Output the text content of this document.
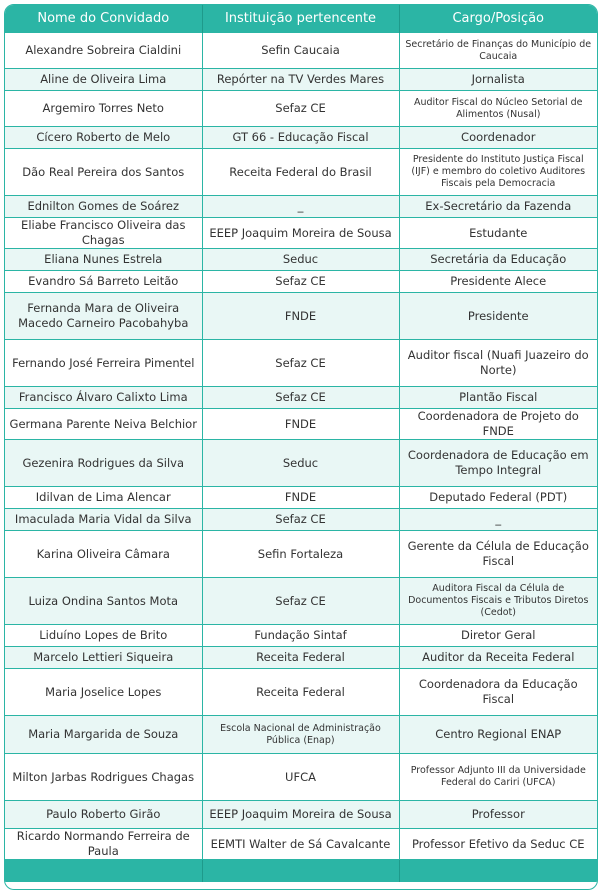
Nome do Convidado	Instituição pertencente	Cargo/Posição
Alexandre Sobreira Cialdini	Sefin Caucaia	Secretário de Finanças do Município de Caucaia
Aline de Oliveira Lima	Repórter na TV Verdes Mares	Jornalista
Argemiro Torres Neto	Sefaz CE	Auditor Fiscal do Núcleo Setorial de Alimentos (Nusal)
Cícero Roberto de Melo	GT 66 - Educação Fiscal	Coordenador
Dão Real Pereira dos Santos	Receita Federal do Brasil	Presidente do Instituto Justiça Fiscal (IJF) e membro do coletivo Auditores Fiscais pela Democracia
Ednilton Gomes de Soárez	_	Ex-Secretário da Fazenda
Eliabe Francisco Oliveira das Chagas	EEEP Joaquim Moreira de Sousa	Estudante
Eliana Nunes Estrela	Seduc	Secretária da Educação
Evandro Sá Barreto Leitão	Sefaz CE	Presidente Alece
Fernanda Mara de Oliveira Macedo Carneiro Pacobahyba	FNDE	Presidente
Fernando José Ferreira Pimentel	Sefaz CE	Auditor fiscal (Nuafi Juazeiro do Norte)
Francisco Álvaro Calixto Lima	Sefaz CE	Plantão Fiscal
Germana Parente Neiva Belchior	FNDE	Coordenadora de Projeto do FNDE
Gezenira Rodrigues da Silva	Seduc	Coordenadora de Educação em Tempo Integral
Idilvan de Lima Alencar	FNDE	Deputado Federal (PDT)
Imaculada Maria Vidal da Silva	Sefaz CE	_
Karina Oliveira Câmara	Sefin Fortaleza	Gerente da Célula de Educação Fiscal
Luiza Ondina Santos Mota	Sefaz CE	Auditora Fiscal da Célula de Documentos Fiscais e Tributos Diretos (Cedot)
Liduíno Lopes de Brito	Fundação Sintaf	Diretor Geral
Marcelo Lettieri Siqueira	Receita Federal	Auditor da Receita Federal
Maria Joselice Lopes	Receita Federal	Coordenadora da Educação Fiscal
Maria Margarida de Souza	Escola Nacional de Administração Pública (Enap)	Centro Regional ENAP
Milton Jarbas Rodrigues Chagas	UFCA	Professor Adjunto III da Universidade Federal do Cariri (UFCA)
Paulo Roberto Girão	EEEP Joaquim Moreira de Sousa	Professor
Ricardo Normando Ferreira de Paula	EEMTI Walter de Sá Cavalcante	Professor Efetivo da Seduc CE
